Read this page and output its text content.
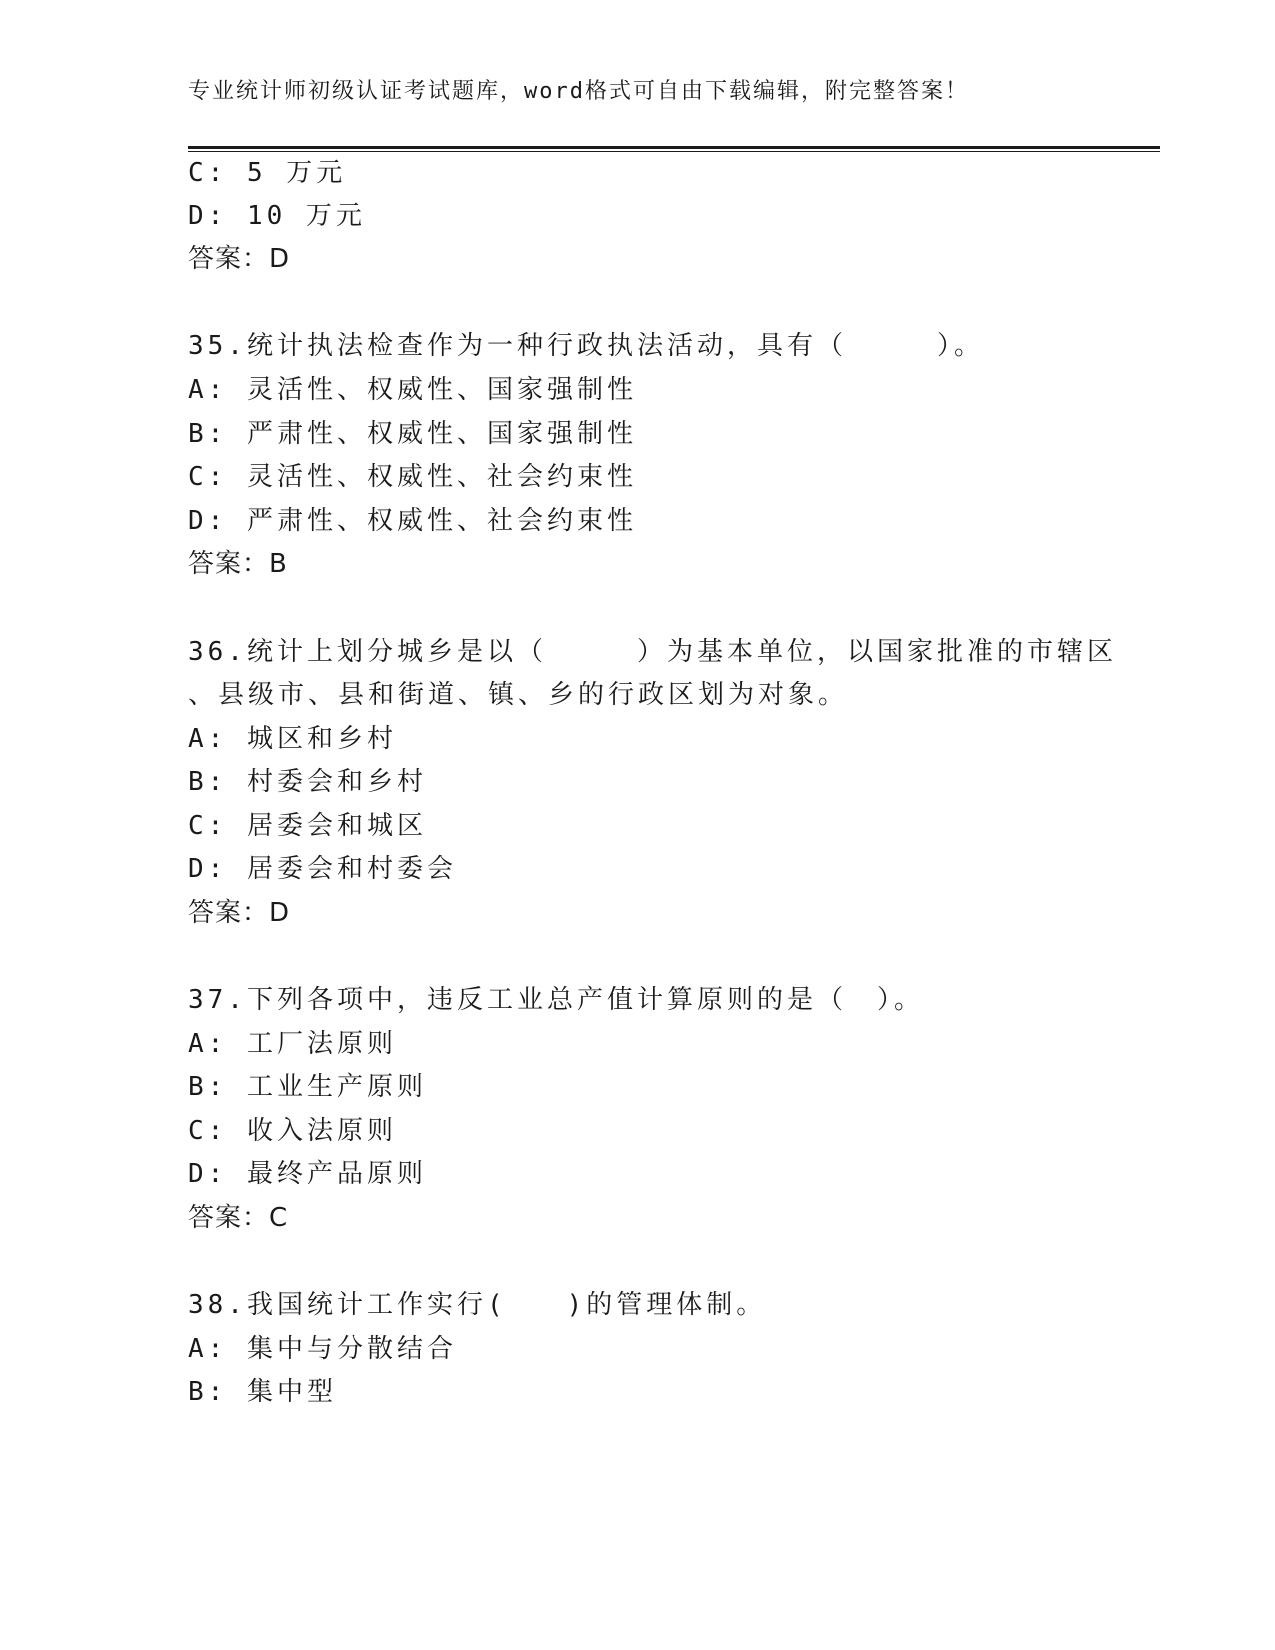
专业统计师初级认证考试题库，word格式可自由下载编辑，附完整答案！
C: 5 万元
D: 10 万元
答案：D
35.统计执法检查作为一种行政执法活动，具有（　　　）。
A: 灵活性、权威性、国家强制性
B: 严肃性、权威性、国家强制性
C: 灵活性、权威性、社会约束性
D: 严肃性、权威性、社会约束性
答案：B
36.统计上划分城乡是以（　　　）为基本单位，以国家批准的市辖区
、县级市、县和街道、镇、乡的行政区划为对象。
A: 城区和乡村
B: 村委会和乡村
C: 居委会和城区
D: 居委会和村委会
答案：D
37.下列各项中，违反工业总产值计算原则的是（　）。
A: 工厂法原则
B: 工业生产原则
C: 收入法原则
D: 最终产品原则
答案：C
38.我国统计工作实行(　　)的管理体制。
A: 集中与分散结合
B: 集中型
